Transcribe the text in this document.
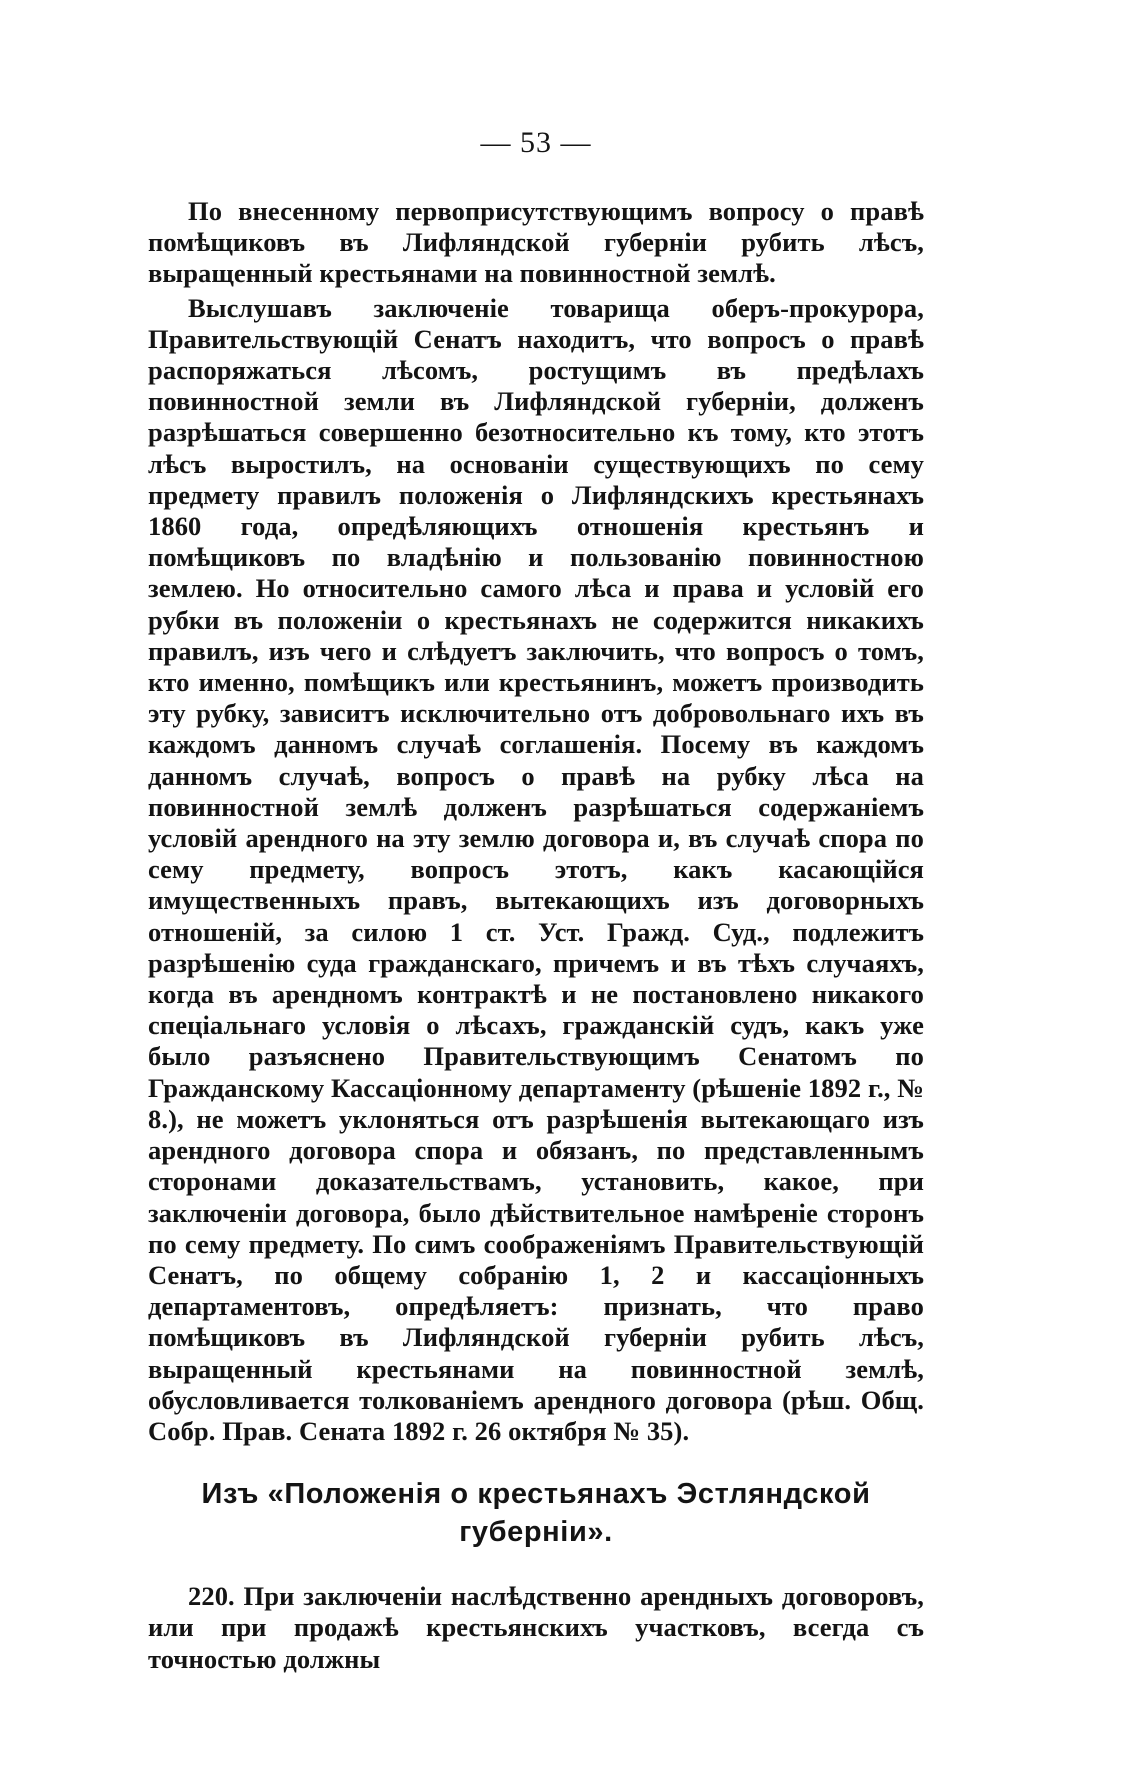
— 53 —

По внесенному первоприсутствующимъ вопросу о правѣ помѣщиковъ въ Лифляндской губерніи рубить лѣсъ, выращенный крестьянами на повинностной землѣ.

Выслушавъ заключеніе товарища оберъ-прокурора, Правительствующій Сенатъ находитъ, что вопросъ о правѣ распоряжаться лѣсомъ, ростущимъ въ предѣлахъ повинностной земли въ Лифляндской губерніи, долженъ разрѣшаться совершенно безотносительно къ тому, кто этотъ лѣсъ выростилъ, на основаніи существующихъ по сему предмету правилъ положенія о Лифляндскихъ крестьянахъ 1860 года, опредѣляющихъ отношенія крестьянъ и помѣщиковъ по владѣнію и пользованію повинностною землею. Но относительно самого лѣса и права и условій его рубки въ положеніи о крестьянахъ не содержится никакихъ правилъ, изъ чего и слѣдуетъ заключить, что вопросъ о томъ, кто именно, помѣщикъ или крестьянинъ, можетъ производить эту рубку, зависитъ исключительно отъ добровольнаго ихъ въ каждомъ данномъ случаѣ соглашенія. Посему въ каждомъ данномъ случаѣ, вопросъ о правѣ на рубку лѣса на повинностной землѣ долженъ разрѣшаться содержаніемъ условій арендного на эту землю договора и, въ случаѣ спора по сему предмету, вопросъ этотъ, какъ касающійся имущественныхъ правъ, вытекающихъ изъ договорныхъ отношеній, за силою 1 ст. Уст. Гражд. Суд., подлежитъ разрѣшенію суда гражданскаго, причемъ и въ тѣхъ случаяхъ, когда въ арендномъ контрактѣ и не постановлено никакого спеціальнаго условія о лѣсахъ, гражданскій судъ, какъ уже было разъяснено Правительствующимъ Сенатомъ по Гражданскому Кассаціонному департаменту (рѣшеніе 1892 г., № 8.), не можетъ уклоняться отъ разрѣшенія вытекающаго изъ арендного договора спора и обязанъ, по представленнымъ сторонами доказательствамъ, установить, какое, при заключеніи договора, было дѣйствительное намѣреніе сторонъ по сему предмету. По симъ соображеніямъ Правительствующій Сенатъ, по общему собранію 1, 2 и кассаціонныхъ департаментовъ, опредѣляетъ: признать, что право помѣщиковъ въ Лифляндской губерніи рубить лѣсъ, выращенный крестьянами на повинностной землѣ, обусловливается толкованіемъ арендного договора (рѣш. Общ. Собр. Прав. Сената 1892 г. 26 октября № 35).

Изъ «Положенія о крестьянахъ Эстляндской губерніи».

220. При заключеніи наслѣдственно арендныхъ договоровъ, или при продажѣ крестьянскихъ участковъ, всегда съ точностью должны
